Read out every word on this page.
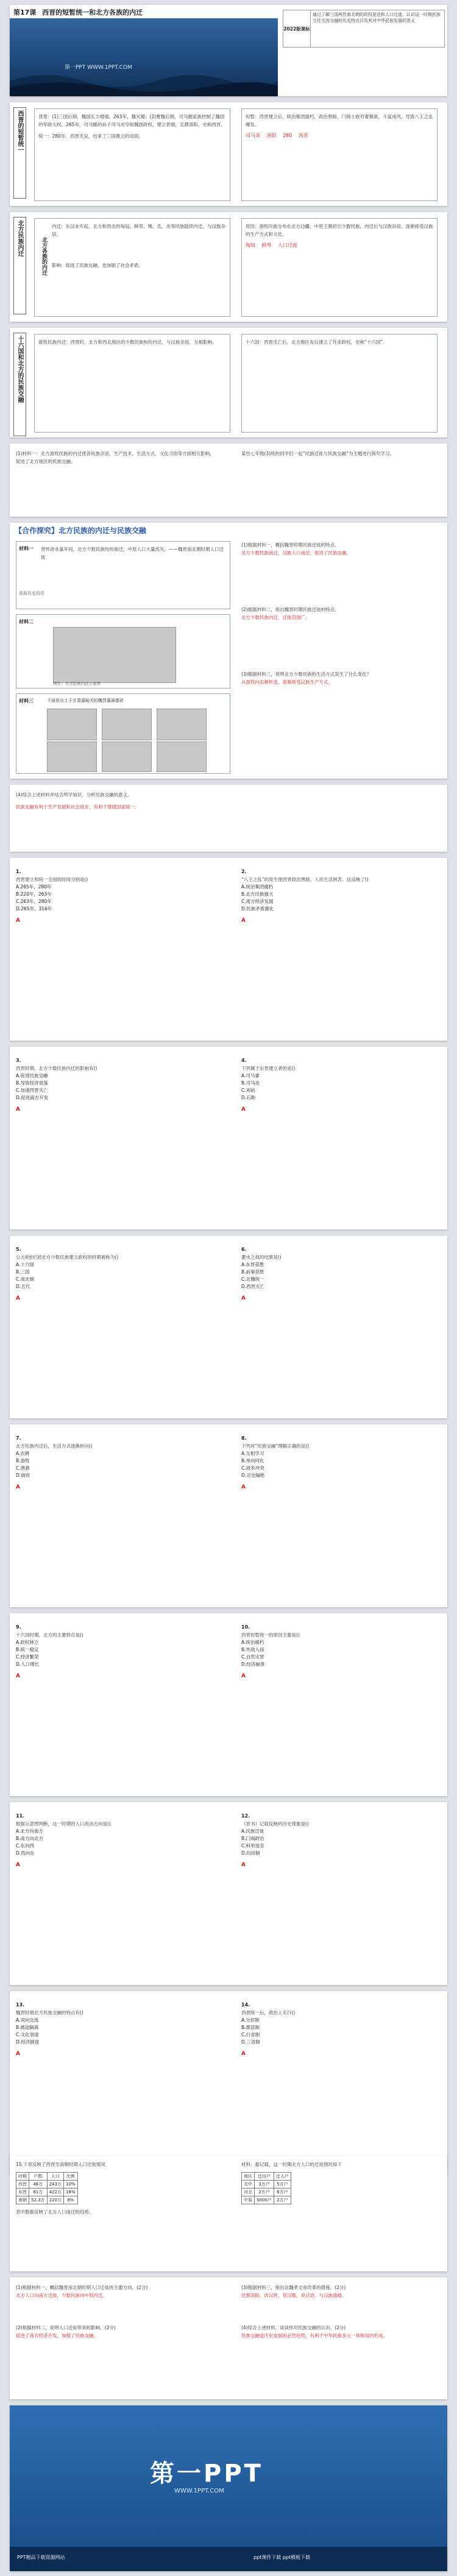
第17课 西晋的短暂统一和北方各族的内迁
第一PPT WWW.1PPT.COM
2022版课标
通过了解三国两晋南北朝的政权更迭和人口迁徙，认识这一时期民族交往交流交融的历史特点以及其对中华民族发展的意义
西晋的短暂统一	背景：(1)三国后期，魏国实力增强。263年，魏灭蜀；(2)曹魏后期，司马懿家族控制了魏国的军政大权。265年，司马懿的孙子司马炎夺取魏国政权，建立晋朝，定都洛阳，史称西晋。
统一：280年，西晋灭吴，结束了三国鼎立的局面。
短暂：西晋建立后，统治集团腐朽，政治黑暗，门阀士族穷奢极欲，斗富成风，导致八王之乱爆发。
司马炎 洛阳 280 西晋
北方民族内迁	北方各族的内迁
内迁：东汉末年起，北方和西北的匈奴、鲜卑、羯、氐、羌等民族陆续内迁，与汉族杂居。
影响：促进了民族交融，也加剧了社会矛盾。
原因：游牧民族分布在北方边疆，中原王朝招引少数民族，内迁后与汉族杂居，逐渐接受汉族的生产方式和文化。
匈奴 鲜卑 人口迁徙
十六国和北方的民族交融	游牧民族内迁：西晋时，北方和西北地区的少数民族纷纷内迁，与汉族杂居，互相影响。	十六国：西晋灭亡后，北方地区先后建立了许多政权，史称“十六国”。
(1)材料一：北方游牧民族的内迁使各民族杂居，生产技术、生活方式、文化习俗等方面相互影响，促进了北方地区的民族交融。
某些七年级(3)班的同学们一起“民族迁徙与民族交融”为主题进行探究学习。
【合作探究】北方民族的内迁与民族交融
材料一 晋怀帝永嘉年间，北方少数民族纷纷南迁，中原人口大量流失。——魏晋南北朝时期人口迁徙
获取历史信息
材料二
图片：北方民族内迁示意图
材料三	下面是出土于甘肃嘉峪关的魏晋墓画像砖
(1)根据材料一，概括魏晋时期民族迁徙的特点。
北方少数民族南迁，汉族人口南迁，促进了民族交融。
(2)根据材料二，指出魏晋时期民族迁徙的特点。
北方少数民族内迁，迁徙范围广。
(3)根据材料三，说明北方少数民族的生活方式发生了什么变化？
从游牧向农耕转变，逐渐接受汉族生产方式。
(4)综合上述材料并结合所学知识，分析民族交融的意义。
民族交融有利于生产发展和社会进步，有利于增强国家统一。
1.
西晋建立和统一全国的时间分别是()
A.265年，280年
B.220年，263年
C.263年，280年
D.265年，316年
A
2.
“八王之乱”的发生使西晋政治黑暗，人民生活困苦。这反映了()
A.统治集团腐朽
B.北方民族强大
C.南方经济发展
D.民族矛盾激化
A
3.
西晋时期，北方少数民族内迁的影响有()
A.促进民族交融
B.导致经济衰落
C.加速西晋灭亡
D.促进南方开发
A
4.
下列属于东晋建立者的是()
A.司马睿
B.司马炎
C.刘裕
D.石勒
A
5.
公元4世纪初北方少数民族建立政权的时期被称为()
A.十六国
B.三国
C.南北朝
D.五代
A
6.
淝水之战的结果是()
A.东晋获胜
B.前秦获胜
C.北魏统一
D.西晋灭亡
A
7.
北方民族内迁后，生活方式逐渐转向()
A.农耕
B.游牧
C.渔猎
D.商贸
A
8.
下列对“民族交融”理解正确的是()
A.互相学习
B.单向同化
C.战争冲突
D.完全隔绝
A
9.
十六国时期，北方的主要特点是()
A.政权林立
B.统一稳定
C.经济繁荣
D.人口增长
A
10.
西晋短暂统一的原因主要是()
A.统治腐朽
B.外敌入侵
C.自然灾害
D.经济崩溃
A
11.
根据示意图判断，这一时期的人口流动方向是()
A.北方向南方
B.南方向北方
C.东向西
D.西向东
A
12.
《晋书》记载反映的历史现象是()
A.民族迁徙
B.门阀政治
C.科举选官
D.均田制
A
13.
魏晋时期北方民族交融的特点有()
A.双向交流
B.被迫隔离
C.文化衰退
D.经济倒退
A
14.
西晋统一后，政治上实行()
A.分封制
B.郡县制
C.行省制
D.三省制
A
15.下表反映了西晋至南朝时期人口迁徙情况
时期	户数	人口	比例
西晋	46万	243万	10%
东晋	61万	422万	18%
南朝	52.3万	220万	9%
表中数据反映了北方人口南迁的趋势。
材料：据记载，这一时期北方人口的迁徙情况如下
地区	迁出户	迁入户
关中	3万户	5万户
河北	2万户	6万户
中原	5000户	2万户
(1)根据材料一，概括魏晋南北朝时期人口迁徙的主要方向。(2分)
北方人口向南方迁徙，少数民族向中原内迁。
(2)根据材料二，说明人口迁徙带来的影响。(2分)
促进了南方经济开发，加强了民族交融。
(3)根据材料三，指出北魏孝文帝改革的措施。(2分)
迁都洛阳，改汉姓，穿汉服，说汉语，与汉族通婚。
(4)综合上述材料，谈谈你对民族交融的认识。(2分)
民族交融是历史发展的必然趋势，有利于中华民族多元一体格局的形成。
第一PPT
WWW.1PPT.COM
PPT精品下载资源网站	ppt课件下载 ppt模板下载
